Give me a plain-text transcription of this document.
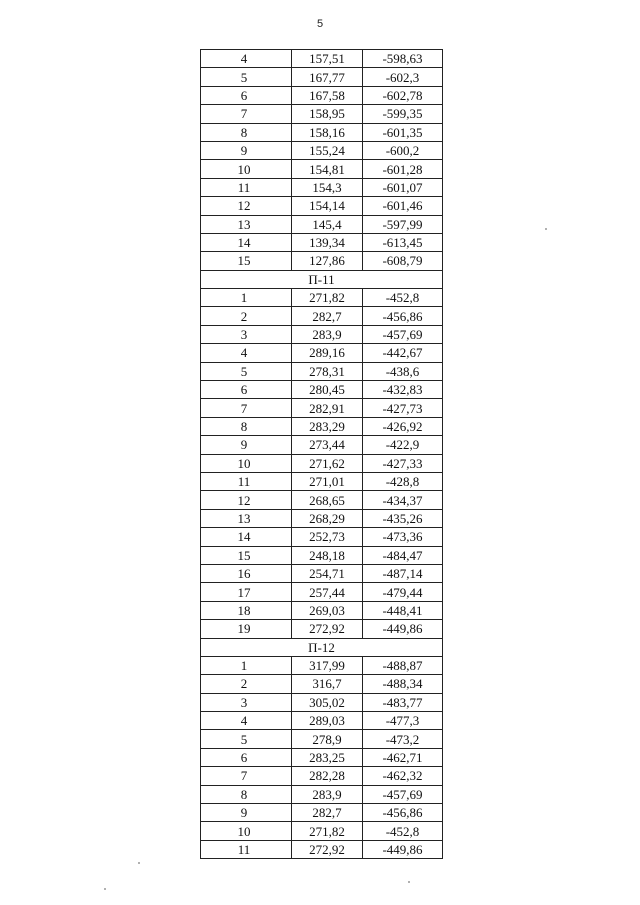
5
4	157,51	-598,63
5	167,77	-602,3
6	167,58	-602,78
7	158,95	-599,35
8	158,16	-601,35
9	155,24	-600,2
10	154,81	-601,28
11	154,3	-601,07
12	154,14	-601,46
13	145,4	-597,99
14	139,34	-613,45
15	127,86	-608,79
П-11		
1	271,82	-452,8
2	282,7	-456,86
3	283,9	-457,69
4	289,16	-442,67
5	278,31	-438,6
6	280,45	-432,83
7	282,91	-427,73
8	283,29	-426,92
9	273,44	-422,9
10	271,62	-427,33
11	271,01	-428,8
12	268,65	-434,37
13	268,29	-435,26
14	252,73	-473,36
15	248,18	-484,47
16	254,71	-487,14
17	257,44	-479,44
18	269,03	-448,41
19	272,92	-449,86
П-12		
1	317,99	-488,87
2	316,7	-488,34
3	305,02	-483,77
4	289,03	-477,3
5	278,9	-473,2
6	283,25	-462,71
7	282,28	-462,32
8	283,9	-457,69
9	282,7	-456,86
10	271,82	-452,8
11	272,92	-449,86
